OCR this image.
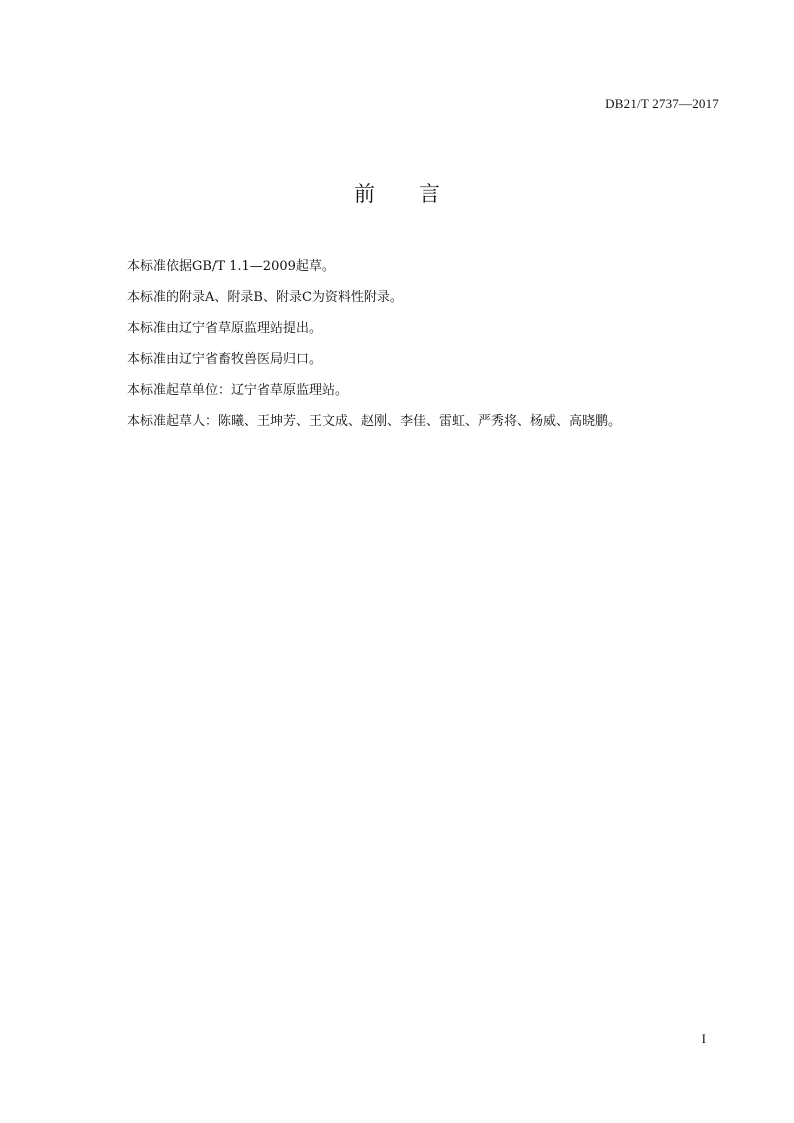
DB21/T 2737—2017
前言
本标准依据GB/T 1.1—2009起草。
本标准的附录A、附录B、附录C为资料性附录。
本标准由辽宁省草原监理站提出。
本标准由辽宁省畜牧兽医局归口。
本标准起草单位：辽宁省草原监理站。
本标准起草人：陈曦、王坤芳、王文成、赵刚、李佳、雷虹、严秀将、杨威、高晓鹏。
I
